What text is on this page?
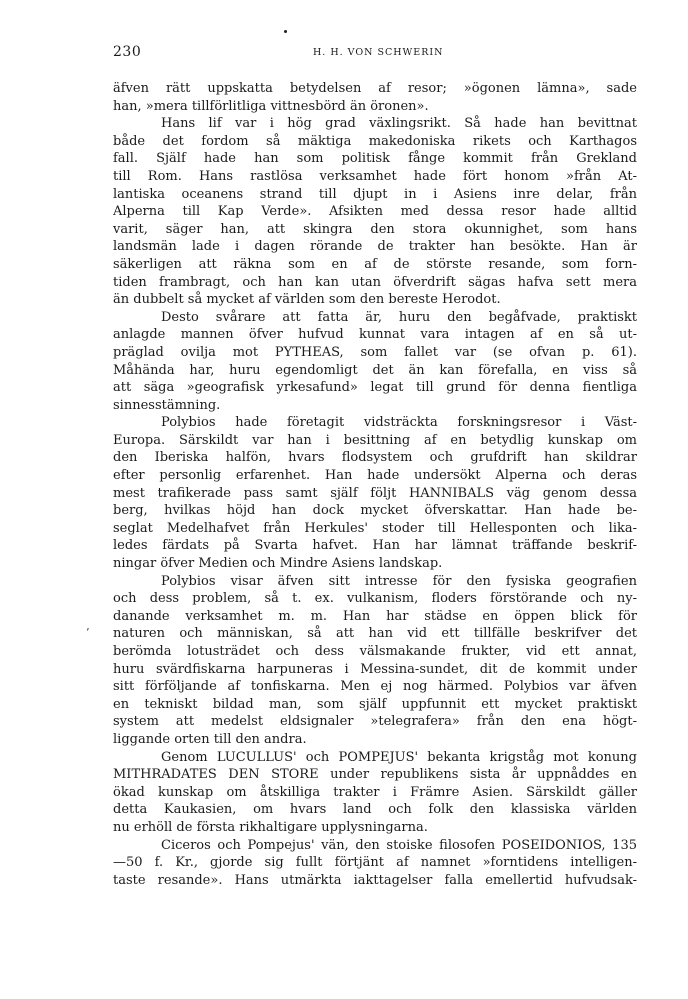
230	H. H. VON SCHWERIN
’
äfven rätt uppskatta betydelsen af resor; »ögonen lämna», sade
han, »mera tillförlitliga vittnesbörd än öronen».
Hans lif var i hög grad växlingsrikt. Så hade han bevittnat
både det fordom så mäktiga makedoniska rikets och Karthagos
fall. Själf hade han som politisk fånge kommit från Grekland
till Rom. Hans rastlösa verksamhet hade fört honom »från At-
lantiska oceanens strand till djupt in i Asiens inre delar, från
Alperna till Kap Verde». Afsikten med dessa resor hade alltid
varit, säger han, att skingra den stora okunnighet, som hans
landsmän lade i dagen rörande de trakter han besökte. Han är
säkerligen att räkna som en af de störste resande, som forn-
tiden frambragt, och han kan utan öfverdrift sägas hafva sett mera
än dubbelt så mycket af världen som den bereste Herodot.
Desto svårare att fatta är, huru den begåfvade, praktiskt
anlagde mannen öfver hufvud kunnat vara intagen af en så ut-
präglad ovilja mot PYTHEAS, som fallet var (se ofvan p. 61).
Måhända har, huru egendomligt det än kan förefalla, en viss så
att säga »geografisk yrkesafund» legat till grund för denna fientliga
sinnesstämning.
Polybios hade företagit vidsträckta forskningsresor i Väst-
Europa. Särskildt var han i besittning af en betydlig kunskap om
den Iberiska halfön, hvars flodsystem och grufdrift han skildrar
efter personlig erfarenhet. Han hade undersökt Alperna och deras
mest trafikerade pass samt själf följt HANNIBALS väg genom dessa
berg, hvilkas höjd han dock mycket öfverskattar. Han hade be-
seglat Medelhafvet från Herkules' stoder till Hellesponten och lika-
ledes färdats på Svarta hafvet. Han har lämnat träffande beskrif-
ningar öfver Medien och Mindre Asiens landskap.
Polybios visar äfven sitt intresse för den fysiska geografien
och dess problem, så t. ex. vulkanism, floders förstörande och ny-
danande verksamhet m. m. Han har städse en öppen blick för
naturen och människan, så att han vid ett tillfälle beskrifver det
berömda lotusträdet och dess välsmakande frukter, vid ett annat,
huru svärdfiskarna harpuneras i Messina-sundet, dit de kommit under
sitt förföljande af tonfiskarna. Men ej nog härmed. Polybios var äfven
en tekniskt bildad man, som själf uppfunnit ett mycket praktiskt
system att medelst eldsignaler »telegrafera» från den ena högt-
liggande orten till den andra.
Genom LUCULLUS' och POMPEJUS' bekanta krigståg mot konung
MITHRADATES DEN STORE under republikens sista år uppnåddes en
ökad kunskap om åtskilliga trakter i Främre Asien. Särskildt gäller
detta Kaukasien, om hvars land och folk den klassiska världen
nu erhöll de första rikhaltigare upplysningarna.
Ciceros och Pompejus' vän, den stoiske filosofen POSEIDONIOS, 135
—50 f. Kr., gjorde sig fullt förtjänt af namnet »forntidens intelligen-
taste resande». Hans utmärkta iakttagelser falla emellertid hufvudsak-
